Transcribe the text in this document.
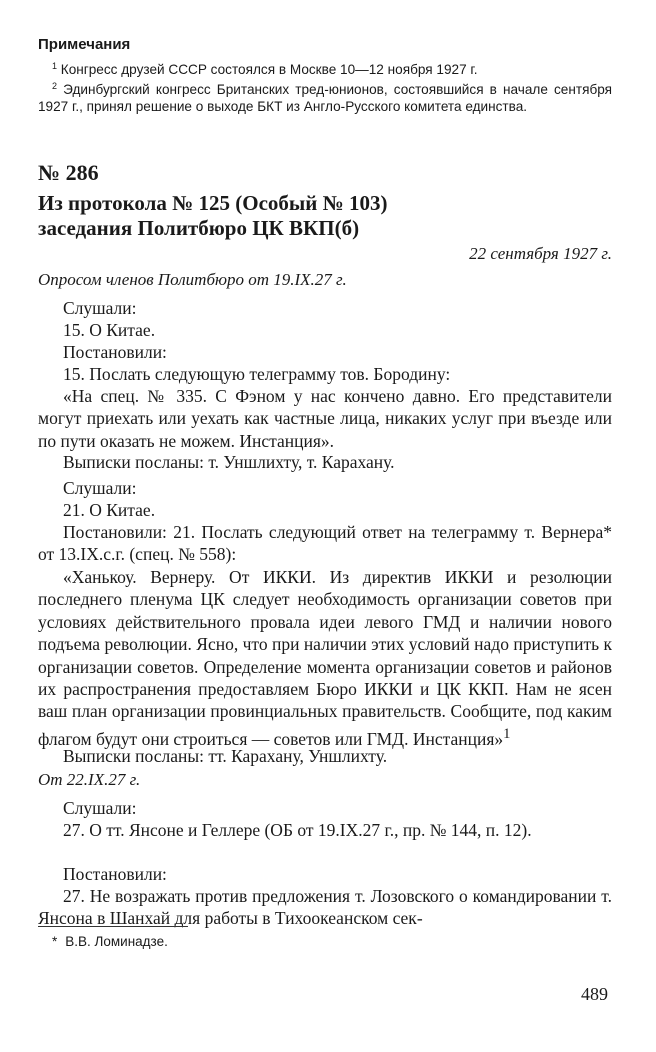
Примечания
$^1$ Конгресс друзей СССР состоялся в Москве 10—12 ноября 1927 г.
$^2$ Эдинбургский конгресс Британских тред-юнионов, состоявшийся в начале сентября 1927 г., принял решение о выходе БКТ из Англо-Русского комитета единства.
№ 286
Из протокола № 125 (Особый № 103)
заседания Политбюро ЦК ВКП(б)
22 сентября 1927 г.
Опросом членов Политбюро от 19.IX.27 г.
Слушали:
15. О Китае.
Постановили:
15. Послать следующую телеграмму тов. Бородину:
«На спец. № 335. С Фэном у нас кончено давно. Его представители могут приехать или уехать как частные лица, никаких услуг при въезде или по пути оказать не можем. Инстанция».
Выписки посланы: т. Уншлихту, т. Карахану.
Слушали:
21. О Китае.
Постановили: 21. Послать следующий ответ на телеграмму т. Вернера* от 13.IX.с.г. (спец. № 558):
«Ханькоу. Вернеру. От ИККИ. Из директив ИККИ и резолюции последнего пленума ЦК следует необходимость организации советов при условиях действительного провала идеи левого ГМД и наличии нового подъема революции. Ясно, что при наличии этих условий надо приступить к организации советов. Определение момента организации советов и районов их распространения предоставляем Бюро ИККИ и ЦК ККП. Нам не ясен ваш план организации провинциальных правительств. Сообщите, под каким флагом будут они строиться — советов или ГМД. Инстанция»$^1$
Выписки посланы: тт. Карахану, Уншлихту.
От 22.IX.27 г.
Слушали:
27. О тт. Янсоне и Геллере (ОБ от 19.IX.27 г., пр. № 144, п. 12).
Постановили:
27. Не возражать против предложения т. Лозовского о командировании т. Янсона в Шанхай для работы в Тихоокеанском сек-
* В.В. Ломинадзе.
489
